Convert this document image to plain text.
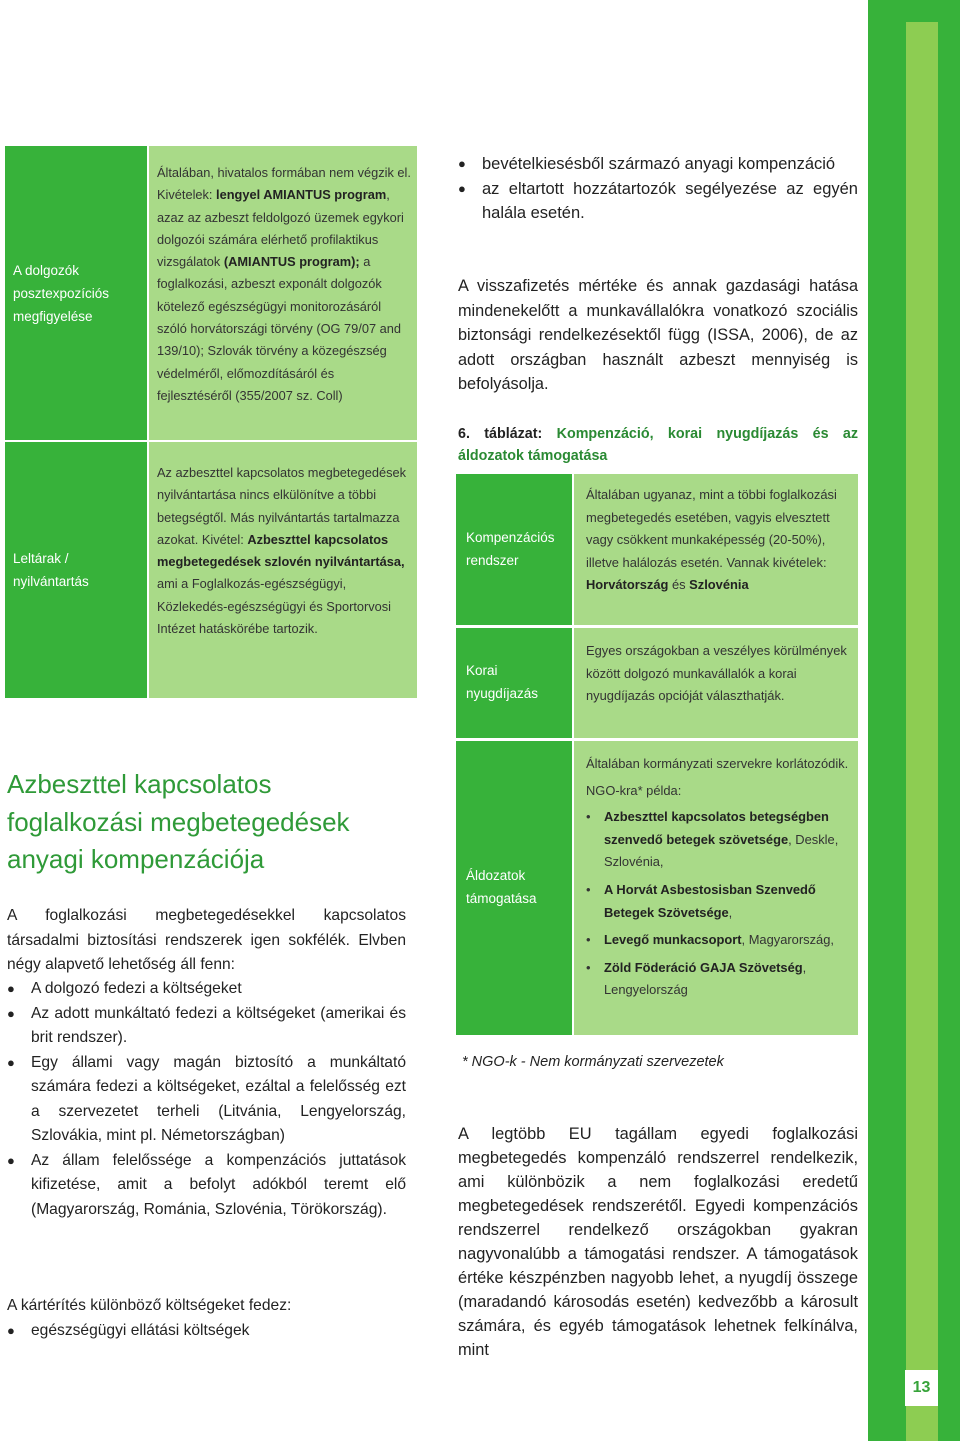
13
A dolgozók posztexpozíciós megfigyelése
Általában, hivatalos formában nem végzik el. Kivételek: lengyel AMIANTUS program, azaz az azbeszt feldolgozó üzemek egykori dolgozói számára elérhető profilaktikus vizsgálatok (AMIANTUS program); a foglalkozási, azbeszt exponált dolgozók kötelező egészségügyi monitorozásáról szóló horvátországi törvény (OG 79/07 and 139/10); Szlovák törvény a közegészség védelméről, előmozdításáról és fejlesztéséről (355/2007 sz. Coll)
Leltárak / nyilvántartás
Az azbeszttel kapcsolatos megbetegedések nyilvántartása nincs elkülönítve a többi betegségtől. Más nyilvántartás tartalmazza azokat. Kivétel: Azbeszttel kapcsolatos megbetegedések szlovén nyilvántartása, ami a Foglalkozás-egészségügyi, Közlekedés-egészségügyi és Sportorvosi Intézet hatáskörébe tartozik.
Azbeszttel kapcsolatos foglalkozási megbetegedések anyagi kompenzációja

A foglalkozási megbetegedésekkel kapcsolatos társadalmi biztosítási rendszerek igen sokfélék. Elvben négy alapvető lehetőség áll fenn:

● A dolgozó fedezi a költségeket
● Az adott munkáltató fedezi a költségeket (amerikai és brit rendszer).
● Egy állami vagy magán biztosító a munkáltató számára fedezi a költségeket, ezáltal a felelősség ezt a szervezetet terheli (Litvánia, Lengyelország, Szlovákia, mint pl. Németországban)
● Az állam felelőssége a kompenzációs juttatások kifizetése, amit a befolyt adókból teremt elő (Magyarország, Románia, Szlovénia, Törökország).

A kártérítés különböző költségeket fedez:

● egészségügyi ellátási költségek
● bevételkiesésből származó anyagi kompenzáció
● az eltartott hozzátartozók segélyezése az egyén halála esetén.

A visszafizetés mértéke és annak gazdasági hatása mindenekelőtt a munkavállalókra vonatkozó szociális biztonsági rendelkezésektől függ (ISSA, 2006), de az adott országban használt azbeszt mennyiség is befolyásolja.

6. táblázat: Kompenzáció, korai nyugdíjazás és az áldozatok támogatása

Kompenzációs rendszer
Általában ugyanaz, mint a többi foglalkozási megbetegedés esetében, vagyis elvesztett vagy csökkent munkaképesség (20-50%), illetve halálozás esetén. Vannak kivételek: Horvátország és Szlovénia
Korai nyugdíjazás
Egyes országokban a veszélyes körülmények között dolgozó munkavállalók a korai nyugdíjazás opcióját választhatják.
Áldozatok támogatása
Általában kormányzati szervekre korlátozódik.
NGO-kra* példa:
• Azbeszttel kapcsolatos betegségben szenvedő betegek szövetsége, Deskle, Szlovénia,
• A Horvát Asbestosisban Szenvedő Betegek Szövetsége,
• Levegő munkacsoport, Magyarország,
• Zöld Föderáció GAJA Szövetség, Lengyelország

* NGO-k - Nem kormányzati szervezetek

A legtöbb EU tagállam egyedi foglalkozási megbetegedés kompenzáló rendszerrel rendelkezik, ami különbözik a nem foglalkozási eredetű megbetegedések rendszerétől. Egyedi kompenzációs rendszerrel rendelkező országokban gyakran nagyvonalúbb a támogatási rendszer. A támogatások értéke készpénzben nagyobb lehet, a nyugdíj összege (maradandó károsodás esetén) kedvezőbb a károsult számára, és egyéb támogatások lehetnek felkínálva, mint
